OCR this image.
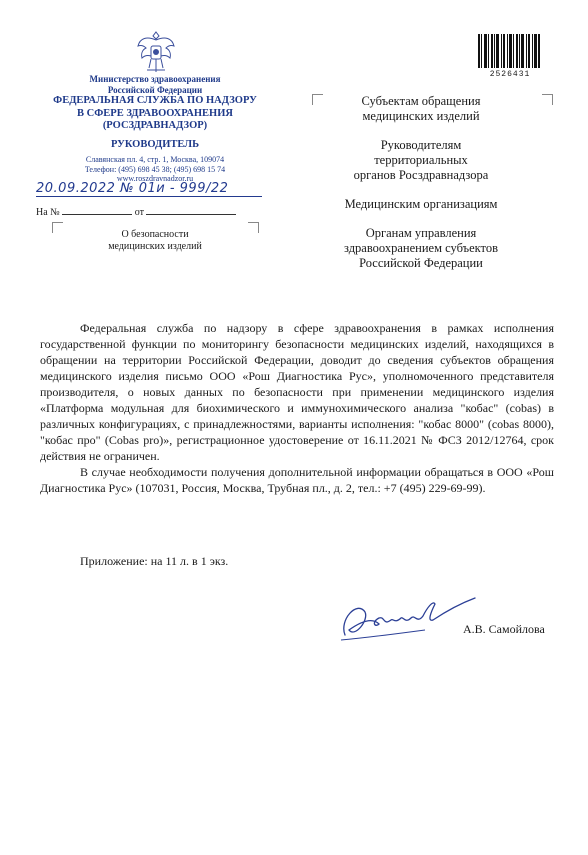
Министерство здравоохранения
Российской Федерации
ФЕДЕРАЛЬНАЯ СЛУЖБА ПО НАДЗОРУ
В СФЕРЕ ЗДРАВООХРАНЕНИЯ
(РОСЗДРАВНАДЗОР)
РУКОВОДИТЕЛЬ
Славянская пл. 4, стр. 1, Москва, 109074
Телефон: (495) 698 45 38; (495) 698 15 74
www.roszdravnadzor.ru
20.09.2022 № 01и - 999/22
На №	от
О безопасности
медицинских изделий
2526431

Субъектам обращения
медицинских изделий

Руководителям
территориальных
органов Росздравнадзора

Медицинским организациям

Органам управления
здравоохранением субъектов
Российской Федерации

Федеральная служба по надзору в сфере здравоохранения в рамках исполнения государственной функции по мониторингу безопасности медицинских изделий, находящихся в обращении на территории Российской Федерации, доводит до сведения субъектов обращения медицинского изделия письмо ООО «Рош Диагностика Рус», уполномоченного представителя производителя, о новых данных по безопасности при применении медицинского изделия «Платформа модульная для биохимического и иммунохимического анализа "кобас" (cobas) в различных конфигурациях, с принадлежностями, варианты исполнения: "кобас 8000" (cobas 8000), "кобас про" (Cobas pro)», регистрационное удостоверение от 16.11.2021 № ФСЗ 2012/12764, срок действия не ограничен.

В случае необходимости получения дополнительной информации обращаться в ООО «Рош Диагностика Рус» (107031, Россия, Москва, Трубная пл., д. 2, тел.: +7 (495) 229-69-99).

Приложение: на 11 л. в 1 экз.
А.В. Самойлова
